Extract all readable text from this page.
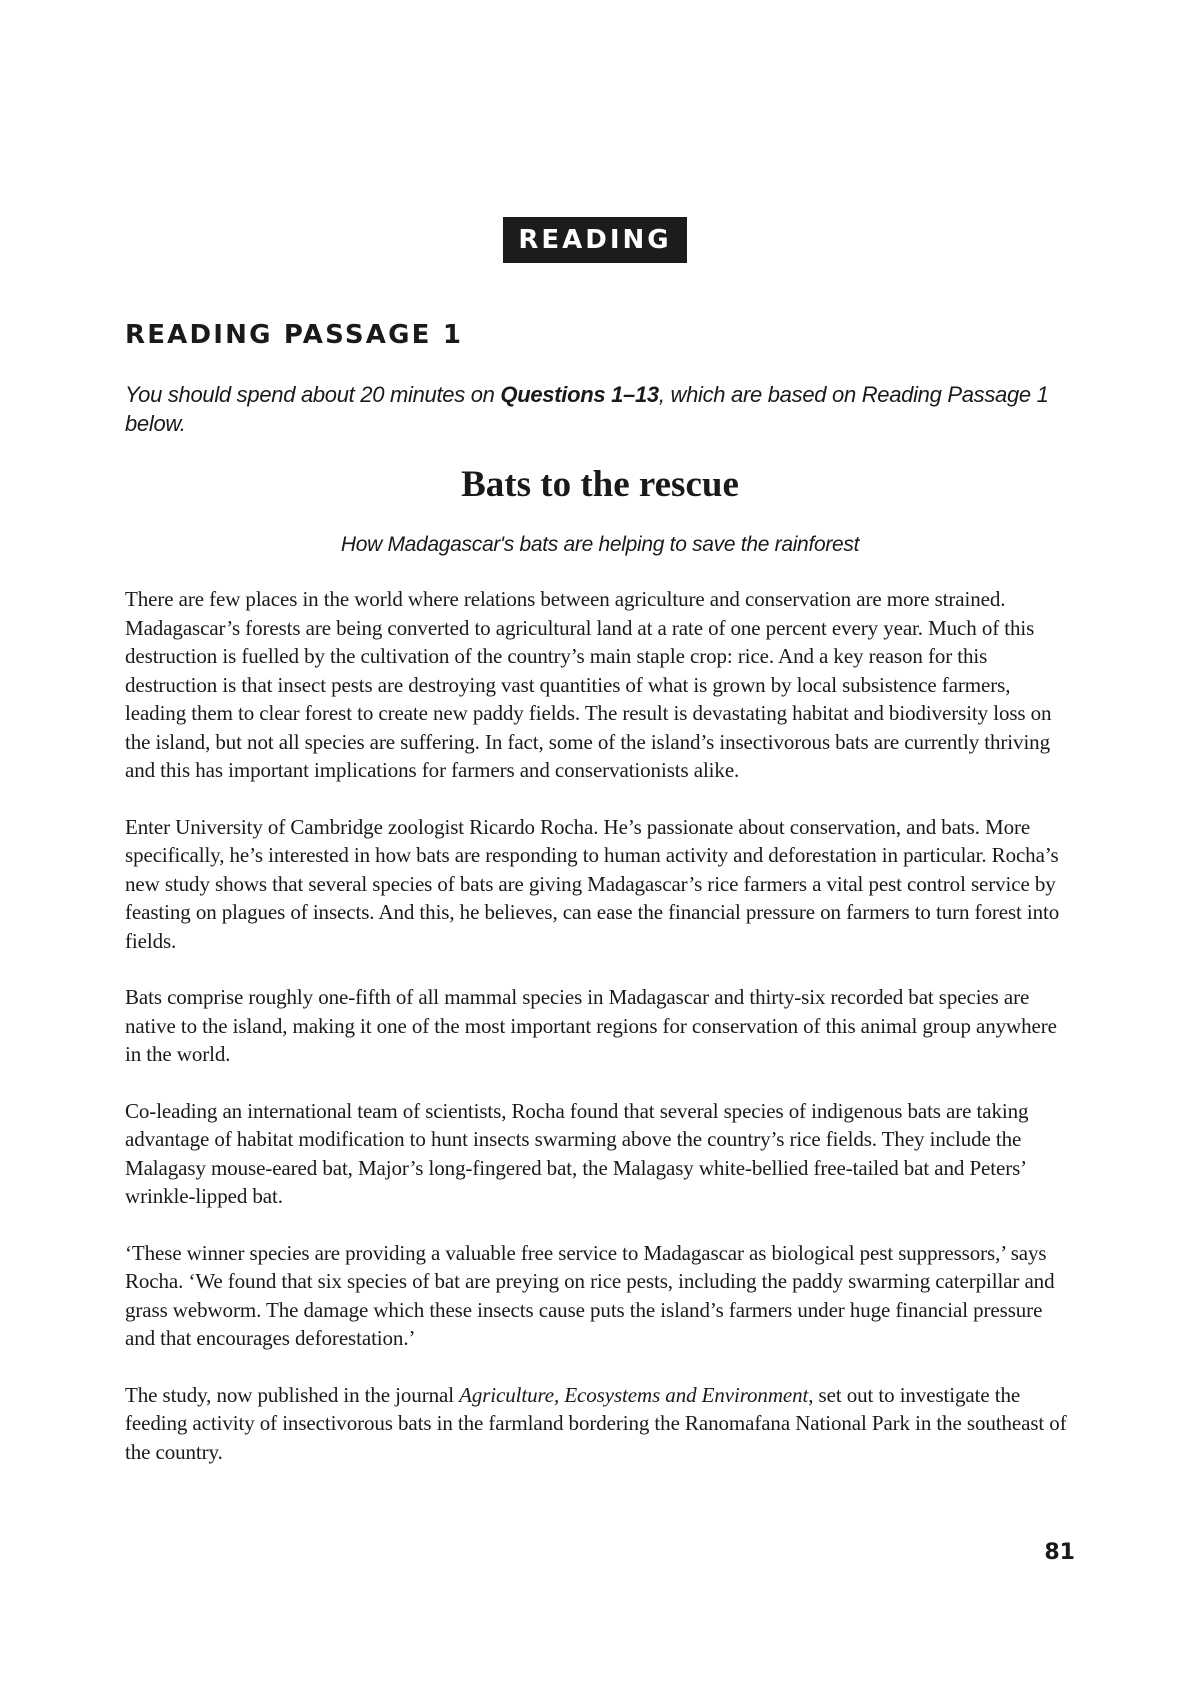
READING
READING PASSAGE 1

You should spend about 20 minutes on Questions 1–13, which are based on Reading Passage 1 below.

Bats to the rescue

How Madagascar's bats are helping to save the rainforest

There are few places in the world where relations between agriculture and conservation are more strained. Madagascar’s forests are being converted to agricultural land at a rate of one percent every year. Much of this destruction is fuelled by the cultivation of the country’s main staple crop: rice. And a key reason for this destruction is that insect pests are destroying vast quantities of what is grown by local subsistence farmers, leading them to clear forest to create new paddy fields. The result is devastating habitat and biodiversity loss on the island, but not all species are suffering. In fact, some of the island’s insectivorous bats are currently thriving and this has important implications for farmers and conservationists alike.

Enter University of Cambridge zoologist Ricardo Rocha. He’s passionate about conservation, and bats. More specifically, he’s interested in how bats are responding to human activity and deforestation in particular. Rocha’s new study shows that several species of bats are giving Madagascar’s rice farmers a vital pest control service by feasting on plagues of insects. And this, he believes, can ease the financial pressure on farmers to turn forest into fields.

Bats comprise roughly one-fifth of all mammal species in Madagascar and thirty-six recorded bat species are native to the island, making it one of the most important regions for conservation of this animal group anywhere in the world.

Co-leading an international team of scientists, Rocha found that several species of indigenous bats are taking advantage of habitat modification to hunt insects swarming above the country’s rice fields. They include the Malagasy mouse-eared bat, Major’s long-fingered bat, the Malagasy white-bellied free-tailed bat and Peters’ wrinkle-lipped bat.

‘These winner species are providing a valuable free service to Madagascar as biological pest suppressors,’ says Rocha. ‘We found that six species of bat are preying on rice pests, including the paddy swarming caterpillar and grass webworm. The damage which these insects cause puts the island’s farmers under huge financial pressure and that encourages deforestation.’

The study, now published in the journal Agriculture, Ecosystems and Environment, set out to investigate the feeding activity of insectivorous bats in the farmland bordering the Ranomafana National Park in the southeast of the country.

81
